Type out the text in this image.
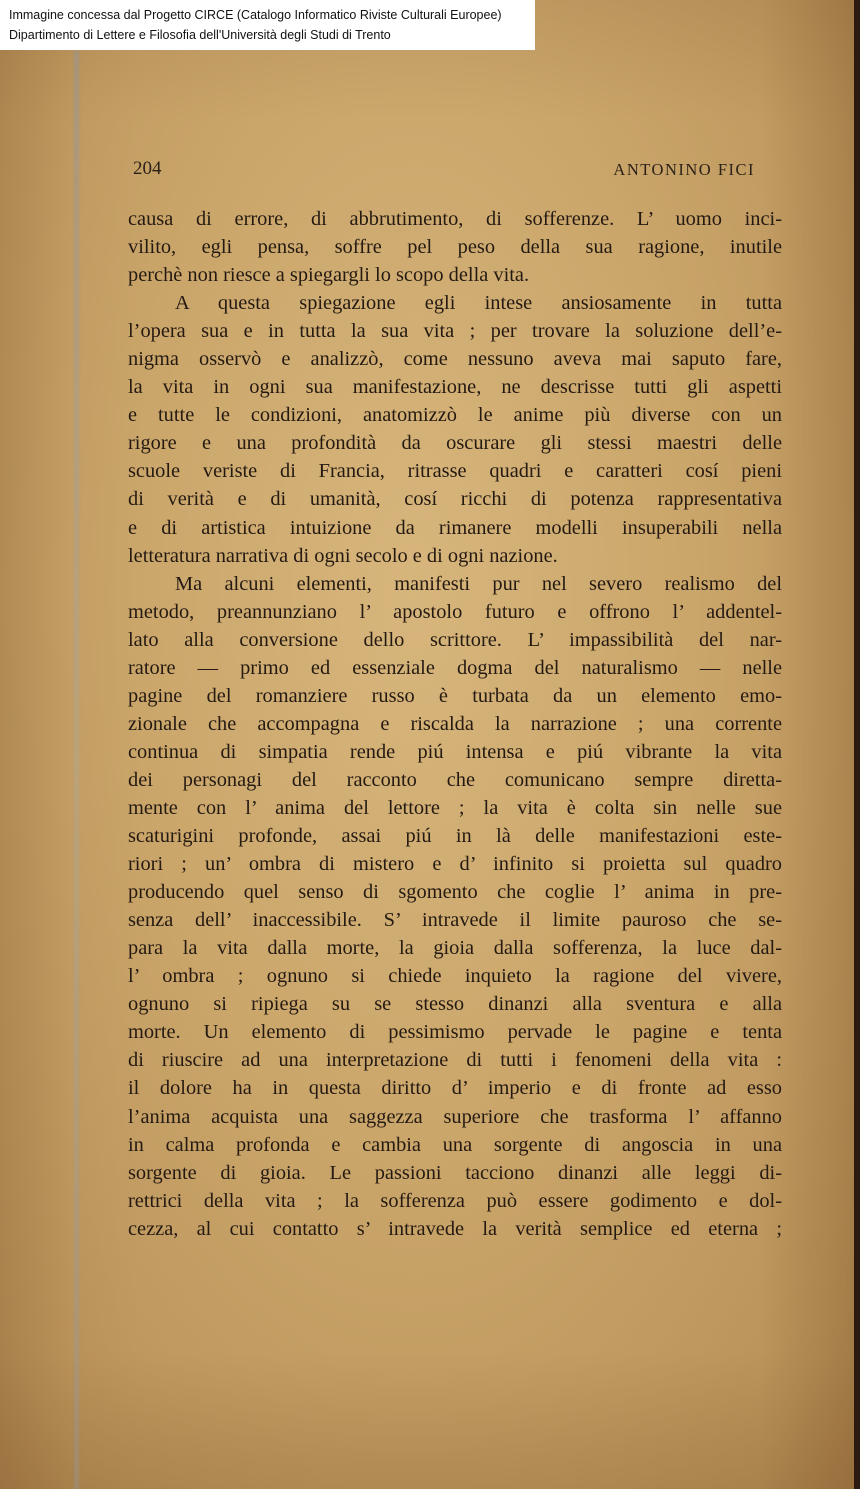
Immagine concessa dal Progetto CIRCE (Catalogo Informatico Riviste Culturali Europee)
Dipartimento di Lettere e Filosofia dell'Università degli Studi di Trento
204	ANTONINO FICI
causa di errore, di abbrutimento, di sofferenze. L’ uomo inci-
vilito, egli pensa, soffre pel peso della sua ragione, inutile
perchè non riesce a spiegargli lo scopo della vita.
A questa spiegazione egli intese ansiosamente in tutta
l’opera sua e in tutta la sua vita ; per trovare la soluzione dell’e-
nigma osservò e analizzò, come nessuno aveva mai saputo fare,
la vita in ogni sua manifestazione, ne descrisse tutti gli aspetti
e tutte le condizioni, anatomizzò le anime più diverse con un
rigore e una profondità da oscurare gli stessi maestri delle
scuole veriste di Francia, ritrasse quadri e caratteri cosí pieni
di verità e di umanità, cosí ricchi di potenza rappresentativa
e di artistica intuizione da rimanere modelli insuperabili nella
letteratura narrativa di ogni secolo e di ogni nazione.
Ma alcuni elementi, manifesti pur nel severo realismo del
metodo, preannunziano l’ apostolo futuro e offrono l’ addentel-
lato alla conversione dello scrittore. L’ impassibilità del nar-
ratore — primo ed essenziale dogma del naturalismo — nelle
pagine del romanziere russo è turbata da un elemento emo-
zionale che accompagna e riscalda la narrazione ; una corrente
continua di simpatia rende piú intensa e piú vibrante la vita
dei personagi del racconto che comunicano sempre diretta-
mente con l’ anima del lettore ; la vita è colta sin nelle sue
scaturigini profonde, assai piú in là delle manifestazioni este-
riori ; un’ ombra di mistero e d’ infinito si proietta sul quadro
producendo quel senso di sgomento che coglie l’ anima in pre-
senza dell’ inaccessibile. S’ intravede il limite pauroso che se-
para la vita dalla morte, la gioia dalla sofferenza, la luce dal-
l’ ombra ; ognuno si chiede inquieto la ragione del vivere,
ognuno si ripiega su se stesso dinanzi alla sventura e alla
morte. Un elemento di pessimismo pervade le pagine e tenta
di riuscire ad una interpretazione di tutti i fenomeni della vita :
il dolore ha in questa diritto d’ imperio e di fronte ad esso
l’anima acquista una saggezza superiore che trasforma l’ affanno
in calma profonda e cambia una sorgente di angoscia in una
sorgente di gioia. Le passioni tacciono dinanzi alle leggi di-
rettrici della vita ; la sofferenza può essere godimento e dol-
cezza, al cui contatto s’ intravede la verità semplice ed eterna ;
